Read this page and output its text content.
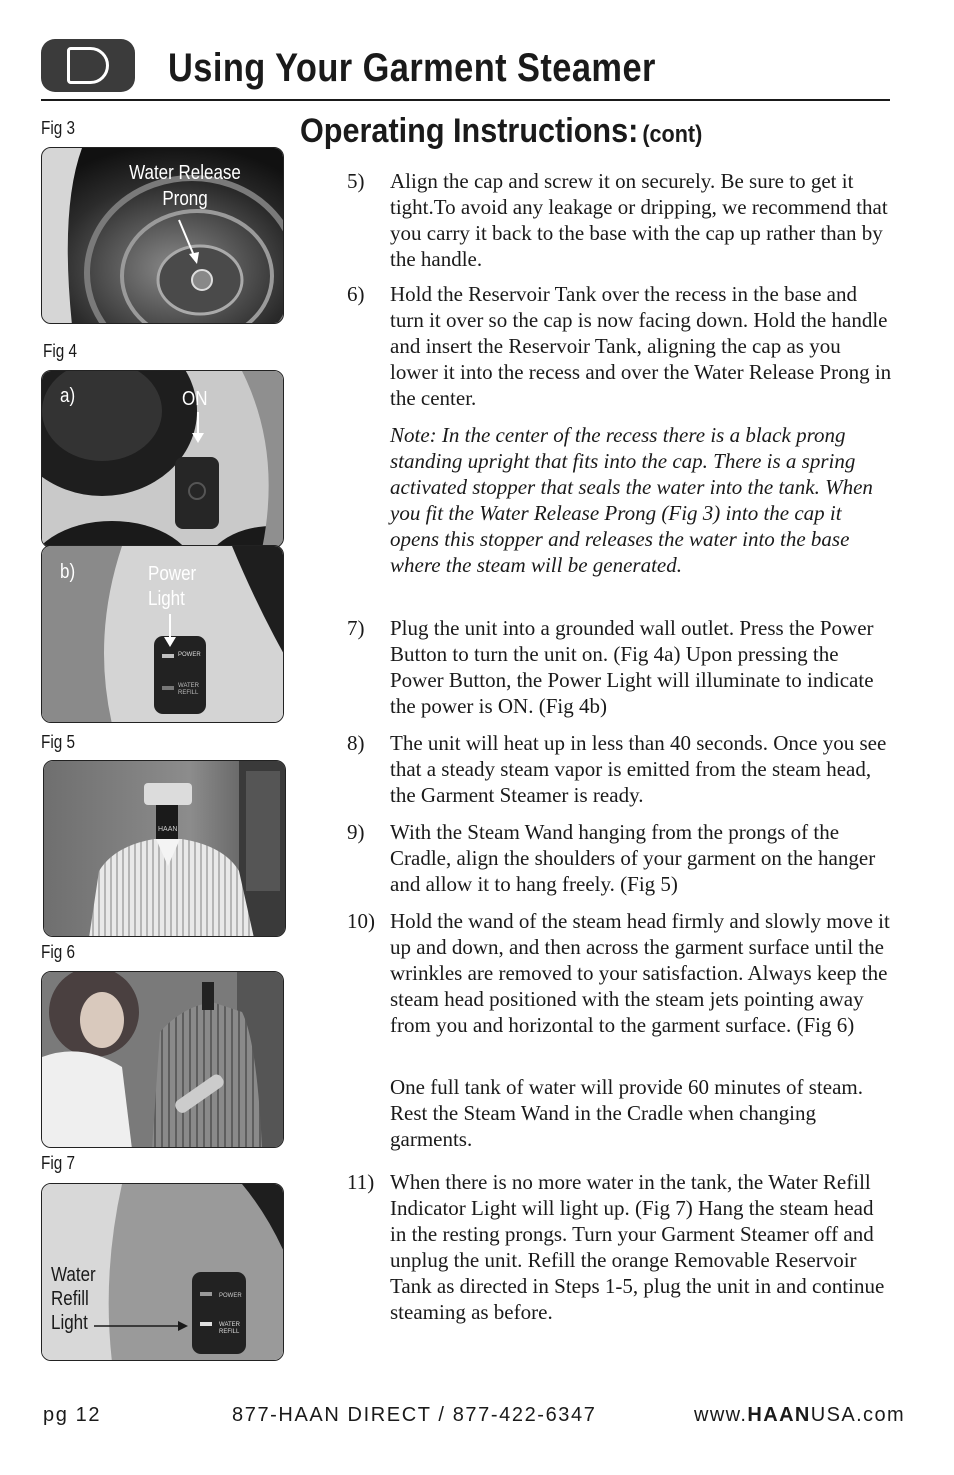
Using Your Garment Steamer
Fig 3
Water Release
Prong
Fig 4
a)	ON
b)	Power
Light
POWER
WATER
REFILL
Fig 5
HAAN
Fig 6
Fig 7
POWER
WATER
REFILL
Water
Refill
Light
Operating Instructions: (cont)
5) Align the cap and screw it on securely. Be sure to get it tight.To avoid any leakage or dripping, we recommend that you carry it back to the base with the cap up rather than by the handle.
6) Hold the Reservoir Tank over the recess in the base and turn it over so the cap is now facing down. Hold the handle and insert the Reservoir Tank, aligning the cap as you lower it into the recess and over the Water Release Prong in the center.
Note: In the center of the recess there is a black prong standing upright that fits into the cap. There is a spring activated stopper that seals the water into the tank. When you fit the Water Release Prong (Fig 3) into the cap it opens this stopper and releases the water into the base where the steam will be generated.
7) Plug the unit into a grounded wall outlet. Press the Power Button to turn the unit on. (Fig 4a) Upon pressing the Power Button, the Power Light will illuminate to indicate the power is ON. (Fig 4b)
8) The unit will heat up in less than 40 seconds. Once you see that a steady steam vapor is emitted from the steam head, the Garment Steamer is ready.
9) With the Steam Wand hanging from the prongs of the Cradle, align the shoulders of your garment on the hanger and allow it to hang freely. (Fig 5)
10) Hold the wand of the steam head firmly and slowly move it up and down, and then across the garment surface until the wrinkles are removed to your satisfaction. Always keep the steam head positioned with the steam jets pointing away from you and horizontal to the garment surface. (Fig 6)
One full tank of water will provide 60 minutes of steam. Rest the Steam Wand in the Cradle when changing garments.
11) When there is no more water in the tank, the Water Refill Indicator Light will light up. (Fig 7) Hang the steam head in the resting prongs. Turn your Garment Steamer off and unplug the unit. Refill the orange Removable Reservoir Tank as directed in Steps 1-5, plug the unit in and continue steaming as before.
pg 12	877-HAAN DIRECT / 877-422-6347	www.HAANUSA.com
